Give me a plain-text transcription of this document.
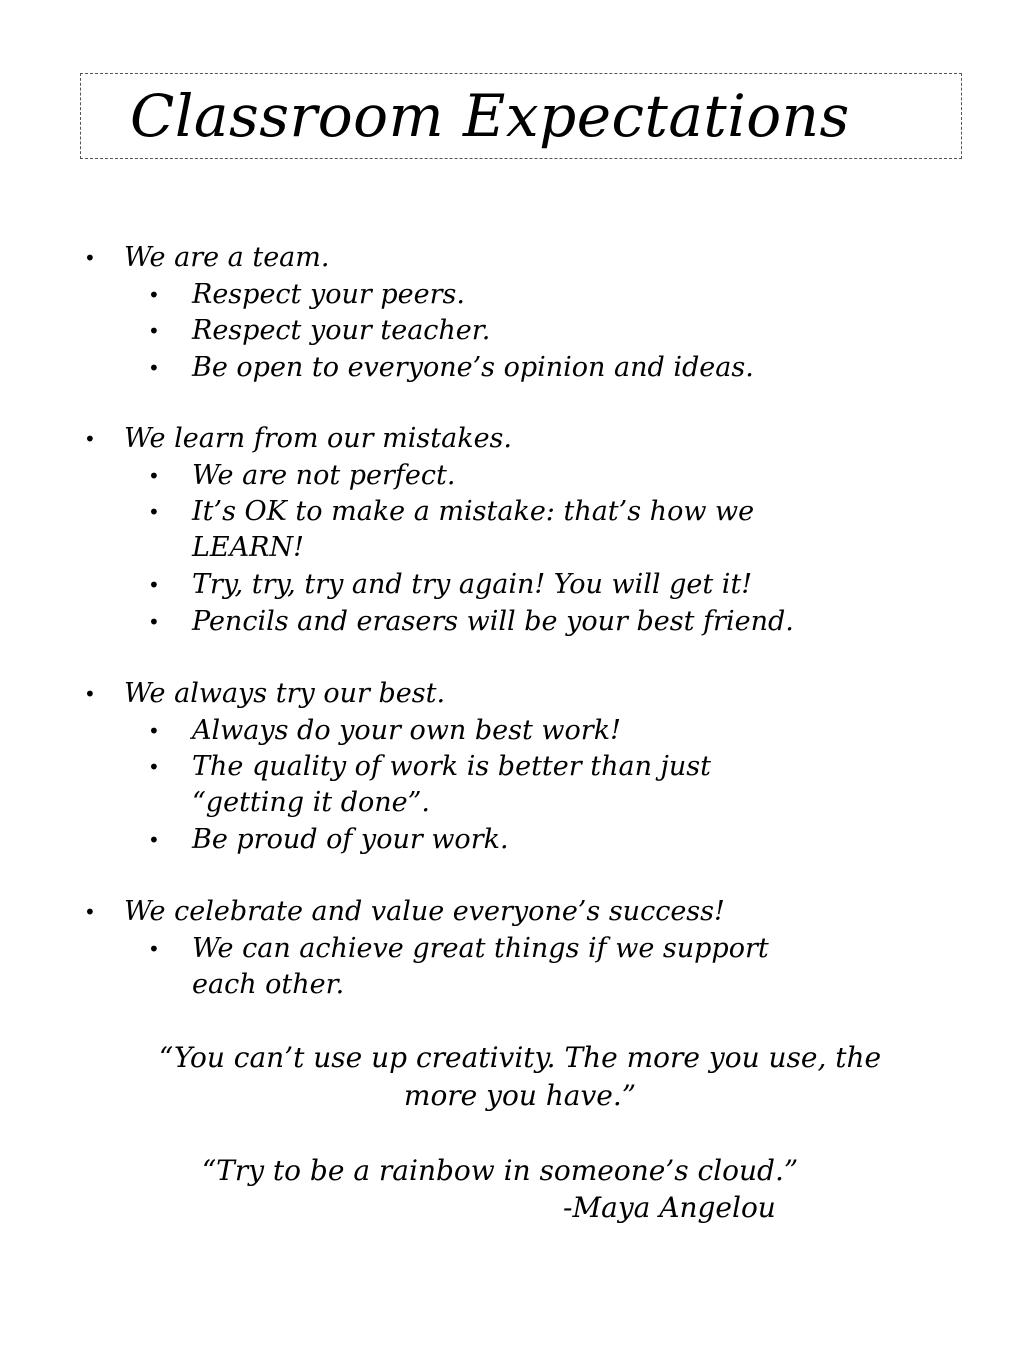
Classroom Expectations
• We are a team.

• Respect your peers.

• Respect your teacher.

• Be open to everyone’s opinion and ideas.

• We learn from our mistakes.

• We are not perfect.

• It’s OK to make a mistake: that’s how we

LEARN!

• Try, try, try and try again! You will get it!

• Pencils and erasers will be your best friend.

• We always try our best.

• Always do your own best work!

• The quality of work is better than just

“getting it done”.

• Be proud of your work.

• We celebrate and value everyone’s success!

• We can achieve great things if we support

each other.

“You can’t use up creativity. The more you use, the

more you have.”

“Try to be a rainbow in someone’s cloud.”

-Maya Angelou
